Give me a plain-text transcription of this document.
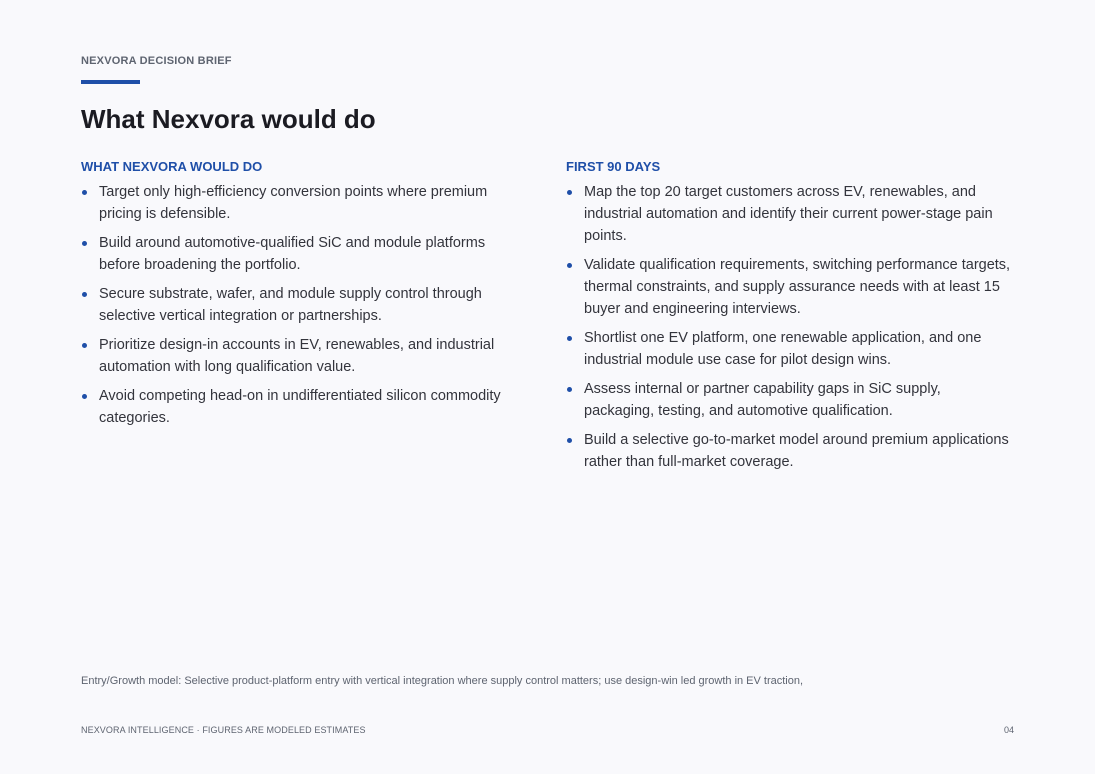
NEXVORA DECISION BRIEF
What Nexvora would do
WHAT NEXVORA WOULD DO
Target only high-efficiency conversion points where premium pricing is defensible.
Build around automotive-qualified SiC and module platforms before broadening the portfolio.
Secure substrate, wafer, and module supply control through selective vertical integration or partnerships.
Prioritize design-in accounts in EV, renewables, and industrial automation with long qualification value.
Avoid competing head-on in undifferentiated silicon commodity categories.
FIRST 90 DAYS
Map the top 20 target customers across EV, renewables, and industrial automation and identify their current power-stage pain points.
Validate qualification requirements, switching performance targets, thermal constraints, and supply assurance needs with at least 15 buyer and engineering interviews.
Shortlist one EV platform, one renewable application, and one industrial module use case for pilot design wins.
Assess internal or partner capability gaps in SiC supply, packaging, testing, and automotive qualification.
Build a selective go-to-market model around premium applications rather than full-market coverage.
Entry/Growth model: Selective product-platform entry with vertical integration where supply control matters; use design-win led growth in EV traction,
NEXVORA INTELLIGENCE · FIGURES ARE MODELED ESTIMATES	04
